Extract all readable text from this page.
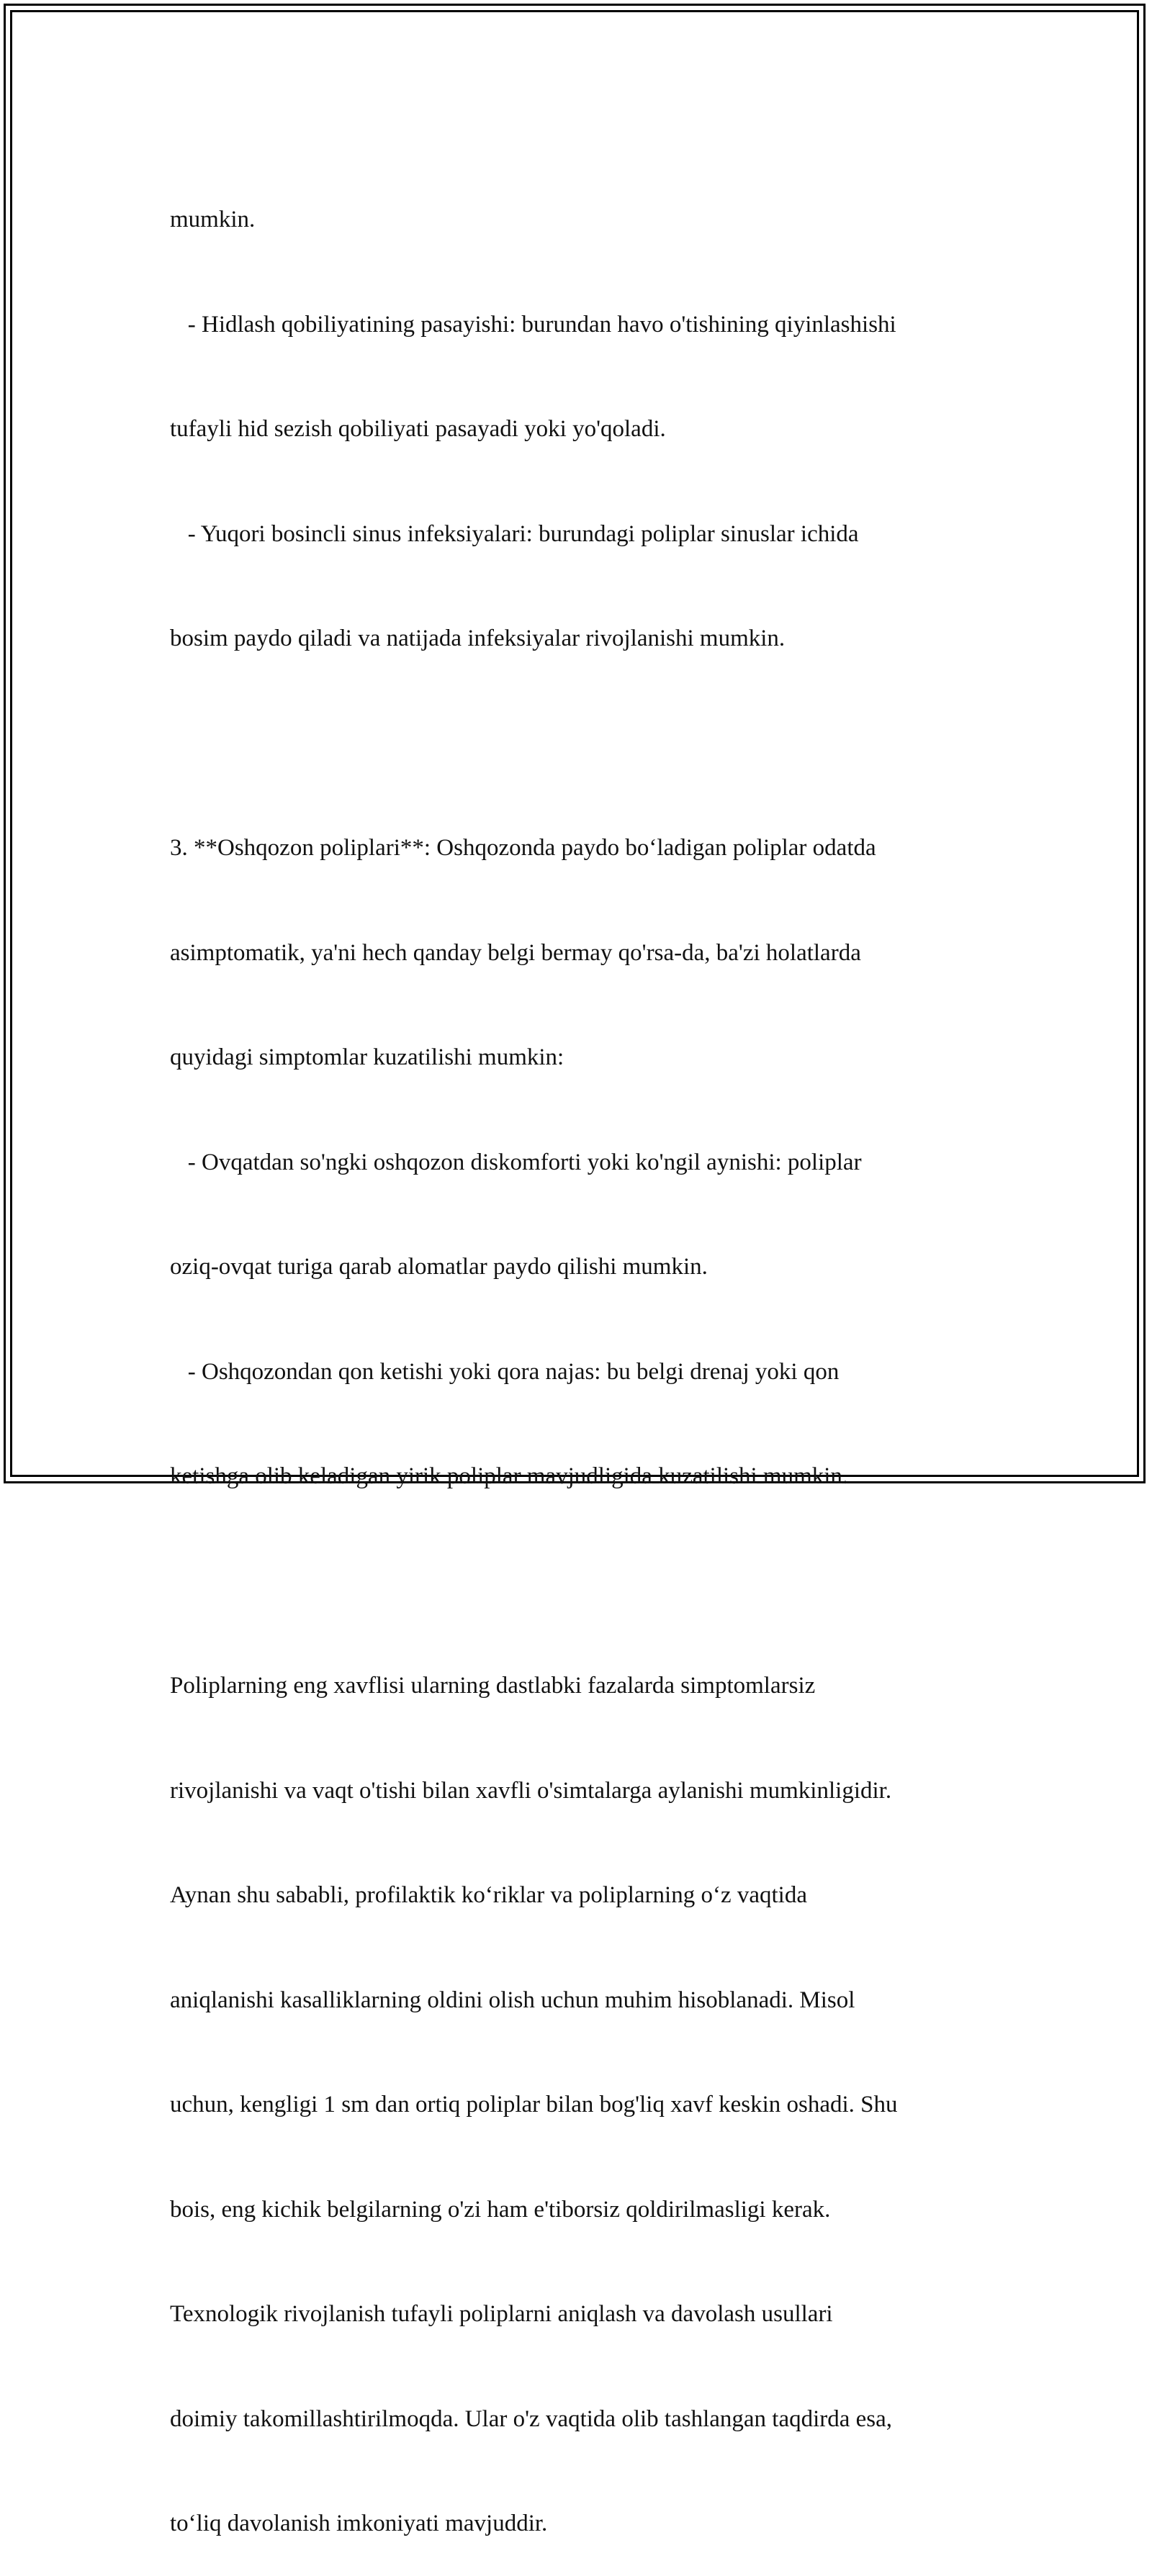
mumkin.

- Hidlash qobiliyatining pasayishi: burundan havo o'tishining qiyinlashishi

tufayli hid sezish qobiliyati pasayadi yoki yo'qoladi.

- Yuqori bosincli sinus infeksiyalari: burundagi poliplar sinuslar ichida

bosim paydo qiladi va natijada infeksiyalar rivojlanishi mumkin.

3. **Oshqozon poliplari**: Oshqozonda paydo bo‘ladigan poliplar odatda

asimptomatik, ya'ni hech qanday belgi bermay qo'rsa-da, ba'zi holatlarda

quyidagi simptomlar kuzatilishi mumkin:

- Ovqatdan so'ngki oshqozon diskomforti yoki ko'ngil aynishi: poliplar

oziq-ovqat turiga qarab alomatlar paydo qilishi mumkin.

- Oshqozondan qon ketishi yoki qora najas: bu belgi drenaj yoki qon

ketishga olib keladigan yirik poliplar mavjudligida kuzatilishi mumkin.

Poliplarning eng xavflisi ularning dastlabki fazalarda simptomlarsiz

rivojlanishi va vaqt o'tishi bilan xavfli o'simtalarga aylanishi mumkinligidir.

Aynan shu sababli, profilaktik ko‘riklar va poliplarning o‘z vaqtida

aniqlanishi kasalliklarning oldini olish uchun muhim hisoblanadi. Misol

uchun, kengligi 1 sm dan ortiq poliplar bilan bog'liq xavf keskin oshadi. Shu

bois, eng kichik belgilarning o'zi ham e'tiborsiz qoldirilmasligi kerak.

Texnologik rivojlanish tufayli poliplarni aniqlash va davolash usullari

doimiy takomillashtirilmoqda. Ular o'z vaqtida olib tashlangan taqdirda esa,

to‘liq davolanish imkoniyati mavjuddir.
